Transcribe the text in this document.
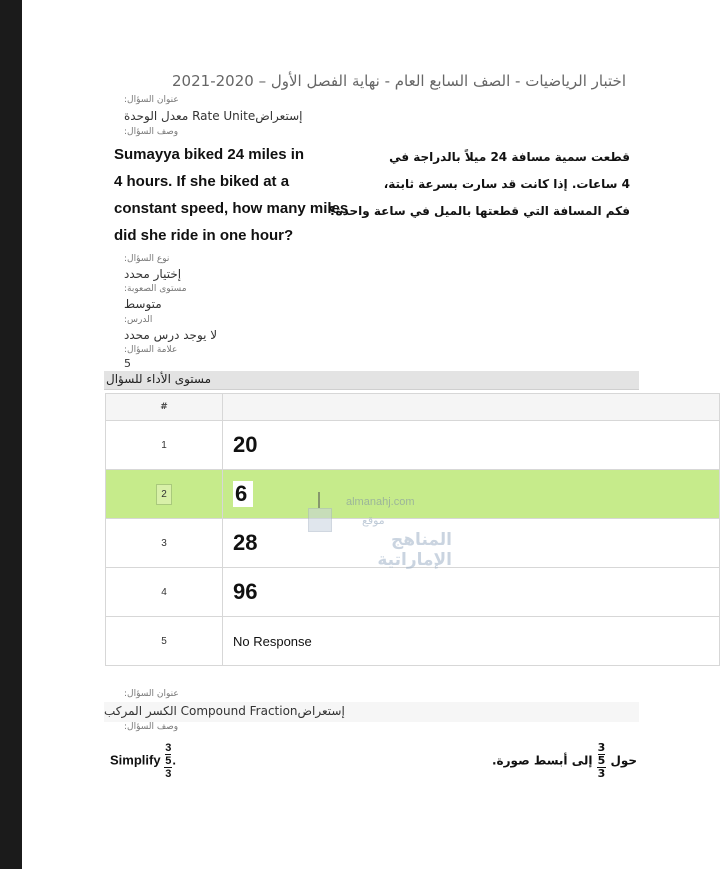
اختبار الرياضيات - الصف السابع العام - نهاية الفصل الأول – 2020-2021
عنوان السؤال:
إستعراضRate Unite معدل الوحدة
وصف السؤال:
Sumayya biked 24 miles in
4 hours. If she biked at a
constant speed, how many miles
did she ride in one hour?
قطعت سمية مسافة 24 ميلاً بالدراجة في
4 ساعات. إذا كانت قد سارت بسرعة ثابتة،
فكم المسافة التي قطعتها بالميل في ساعة واحدة؟
نوع السؤال:
إختيار محدد
مستوى الصعوبة:
متوسط
الدرس:
لا يوجد درس محدد
علامة السؤال:
5
مستوى الأداء للسؤال
#	
1	20
2	6
3	28
4	96
5	No Response
almanahj.com
موقع
المناهج الإماراتية
عنوان السؤال:
إستعراضCompound Fraction الكسر المركب
وصف السؤال:
Simplify 3
5
3 .	حول
3
5
3
إلى أبسط صورة.
